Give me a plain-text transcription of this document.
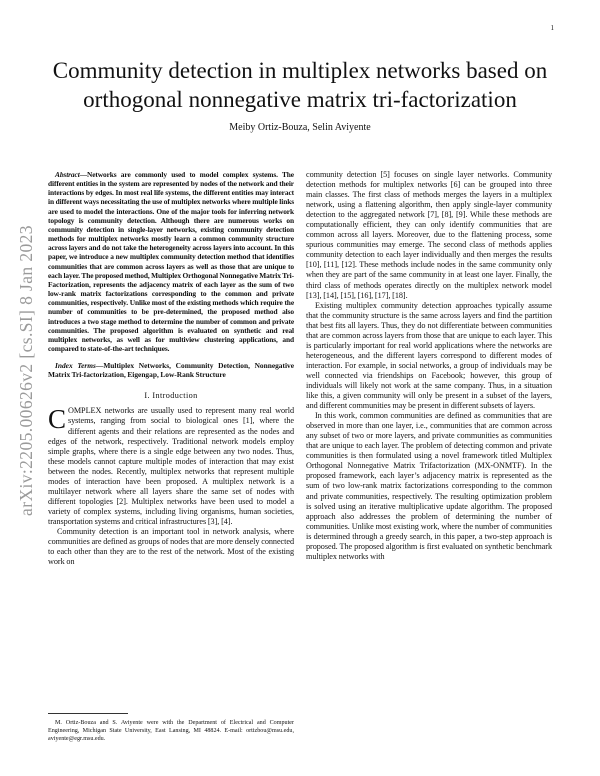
1
arXiv:2205.00626v2 [cs.SI] 8 Jan 2023
Community detection in multiplex networks based on orthogonal nonnegative matrix tri-factorization
Meiby Ortiz-Bouza, Selin Aviyente

Abstract—Networks are commonly used to model complex systems. The different entities in the system are represented by nodes of the network and their interactions by edges. In most real life systems, the different entities may interact in different ways necessitating the use of multiplex networks where multiple links are used to model the interactions. One of the major tools for inferring network topology is community detection. Although there are numerous works on community detection in single-layer networks, existing community detection methods for multiplex networks mostly learn a common community structure across layers and do not take the heterogeneity across layers into account. In this paper, we introduce a new multiplex community detection method that identifies communities that are common across layers as well as those that are unique to each layer. The proposed method, Multiplex Orthogonal Nonnegative Matrix Tri-Factorization, represents the adjacency matrix of each layer as the sum of two low-rank matrix factorizations corresponding to the common and private communities, respectively. Unlike most of the existing methods which require the number of communities to be pre-determined, the proposed method also introduces a two stage method to determine the number of common and private communities. The proposed algorithm is evaluated on synthetic and real multiplex networks, as well as for multiview clustering applications, and compared to state-of-the-art techniques.

Index Terms—Multiplex Networks, Community Detection, Nonnegative Matrix Tri-factorization, Eigengap, Low-Rank Structure

I. Introduction

COMPLEX networks are usually used to represent many real world systems, ranging from social to biological ones [1], where the different agents and their relations are represented as the nodes and edges of the network, respectively. Traditional network models employ simple graphs, where there is a single edge between any two nodes. Thus, these models cannot capture multiple modes of interaction that may exist between the nodes. Recently, multiplex networks that represent multiple modes of interaction have been proposed. A multiplex network is a multilayer network where all layers share the same set of nodes with different topologies [2]. Multiplex networks have been used to model a variety of complex systems, including living organisms, human societies, transportation systems and critical infrastructures [3], [4].

Community detection is an important tool in network analysis, where communities are defined as groups of nodes that are more densely connected to each other than they are to the rest of the network. Most of the existing work on

community detection [5] focuses on single layer networks. Community detection methods for multiplex networks [6] can be grouped into three main classes. The first class of methods merges the layers in a multiplex network, using a flattening algorithm, then apply single-layer community detection to the aggregated network [7], [8], [9]. While these methods are computationally efficient, they can only identify communities that are common across all layers. Moreover, due to the flattening process, some spurious communities may emerge. The second class of methods applies community detection to each layer individually and then merges the results [10], [11], [12]. These methods include nodes in the same community only when they are part of the same community in at least one layer. Finally, the third class of methods operates directly on the multiplex network model [13], [14], [15], [16], [17], [18].

Existing multiplex community detection approaches typically assume that the community structure is the same across layers and find the partition that best fits all layers. Thus, they do not differentiate between communities that are common across layers from those that are unique to each layer. This is particularly important for real world applications where the networks are heterogeneous, and the different layers correspond to different modes of interaction. For example, in social networks, a group of individuals may be well connected via friendships on Facebook; however, this group of individuals will likely not work at the same company. Thus, in a situation like this, a given community will only be present in a subset of the layers, and different communities may be present in different subsets of layers.

In this work, common communities are defined as communities that are observed in more than one layer, i.e., communities that are common across any subset of two or more layers, and private communities as communities that are unique to each layer. The problem of detecting common and private communities is then formulated using a novel framework titled Multiplex Orthogonal Nonnegative Matrix Trifactorization (MX-ONMTF). In the proposed framework, each layer’s adjacency matrix is represented as the sum of two low-rank matrix factorizations corresponding to the common and private communities, respectively. The resulting optimization problem is solved using an iterative multiplicative update algorithm. The proposed approach also addresses the problem of determining the number of communities. Unlike most existing work, where the number of communities is determined through a greedy search, in this paper, a two-step approach is proposed. The proposed algorithm is first evaluated on synthetic benchmark multiplex networks with

M. Ortiz-Bouza and S. Aviyente were with the Department of Electrical and Computer Engineering, Michigan State University, East Lansing, MI 48824. E-mail: ortizbou@msu.edu, aviyente@egr.msu.edu.
